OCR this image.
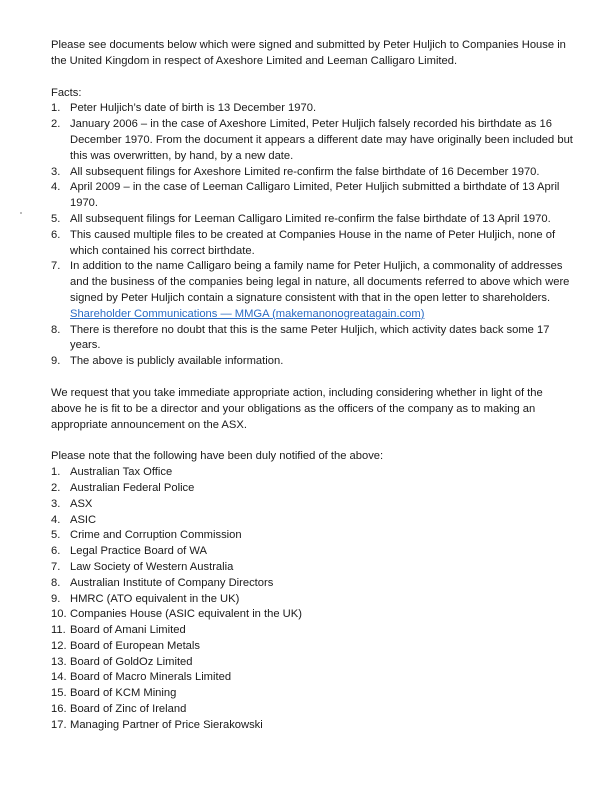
Please see documents below which were signed and submitted by Peter Huljich to Companies House in the United Kingdom in respect of Axeshore Limited and Leeman Calligaro Limited.

Facts:

1. Peter Huljich’s date of birth is 13 December 1970.
2. January 2006 – in the case of Axeshore Limited, Peter Huljich falsely recorded his birthdate as 16 December 1970. From the document it appears a different date may have originally been included but this was overwritten, by hand, by a new date.
3. All subsequent filings for Axeshore Limited re-confirm the false birthdate of 16 December 1970.
4. April 2009 – in the case of Leeman Calligaro Limited, Peter Huljich submitted a birthdate of 13 April 1970.
5. All subsequent filings for Leeman Calligaro Limited re-confirm the false birthdate of 13 April 1970.
6. This caused multiple files to be created at Companies House in the name of Peter Huljich, none of which contained his correct birthdate.
7. In addition to the name Calligaro being a family name for Peter Huljich, a commonality of addresses and the business of the companies being legal in nature, all documents referred to above which were signed by Peter Huljich contain a signature consistent with that in the open letter to shareholders. Shareholder Communications — MMGA (makemanonogreatagain.com)
8. There is therefore no doubt that this is the same Peter Huljich, which activity dates back some 17 years.
9. The above is publicly available information.

We request that you take immediate appropriate action, including considering whether in light of the above he is fit to be a director and your obligations as the officers of the company as to making an appropriate announcement on the ASX.

Please note that the following have been duly notified of the above:

1. Australian Tax Office
2. Australian Federal Police
3. ASX
4. ASIC
5. Crime and Corruption Commission
6. Legal Practice Board of WA
7. Law Society of Western Australia
8. Australian Institute of Company Directors
9. HMRC (ATO equivalent in the UK)
10. Companies House (ASIC equivalent in the UK)
11. Board of Amani Limited
12. Board of European Metals
13. Board of GoldOz Limited
14. Board of Macro Minerals Limited
15. Board of KCM Mining
16. Board of Zinc of Ireland
17. Managing Partner of Price Sierakowski
